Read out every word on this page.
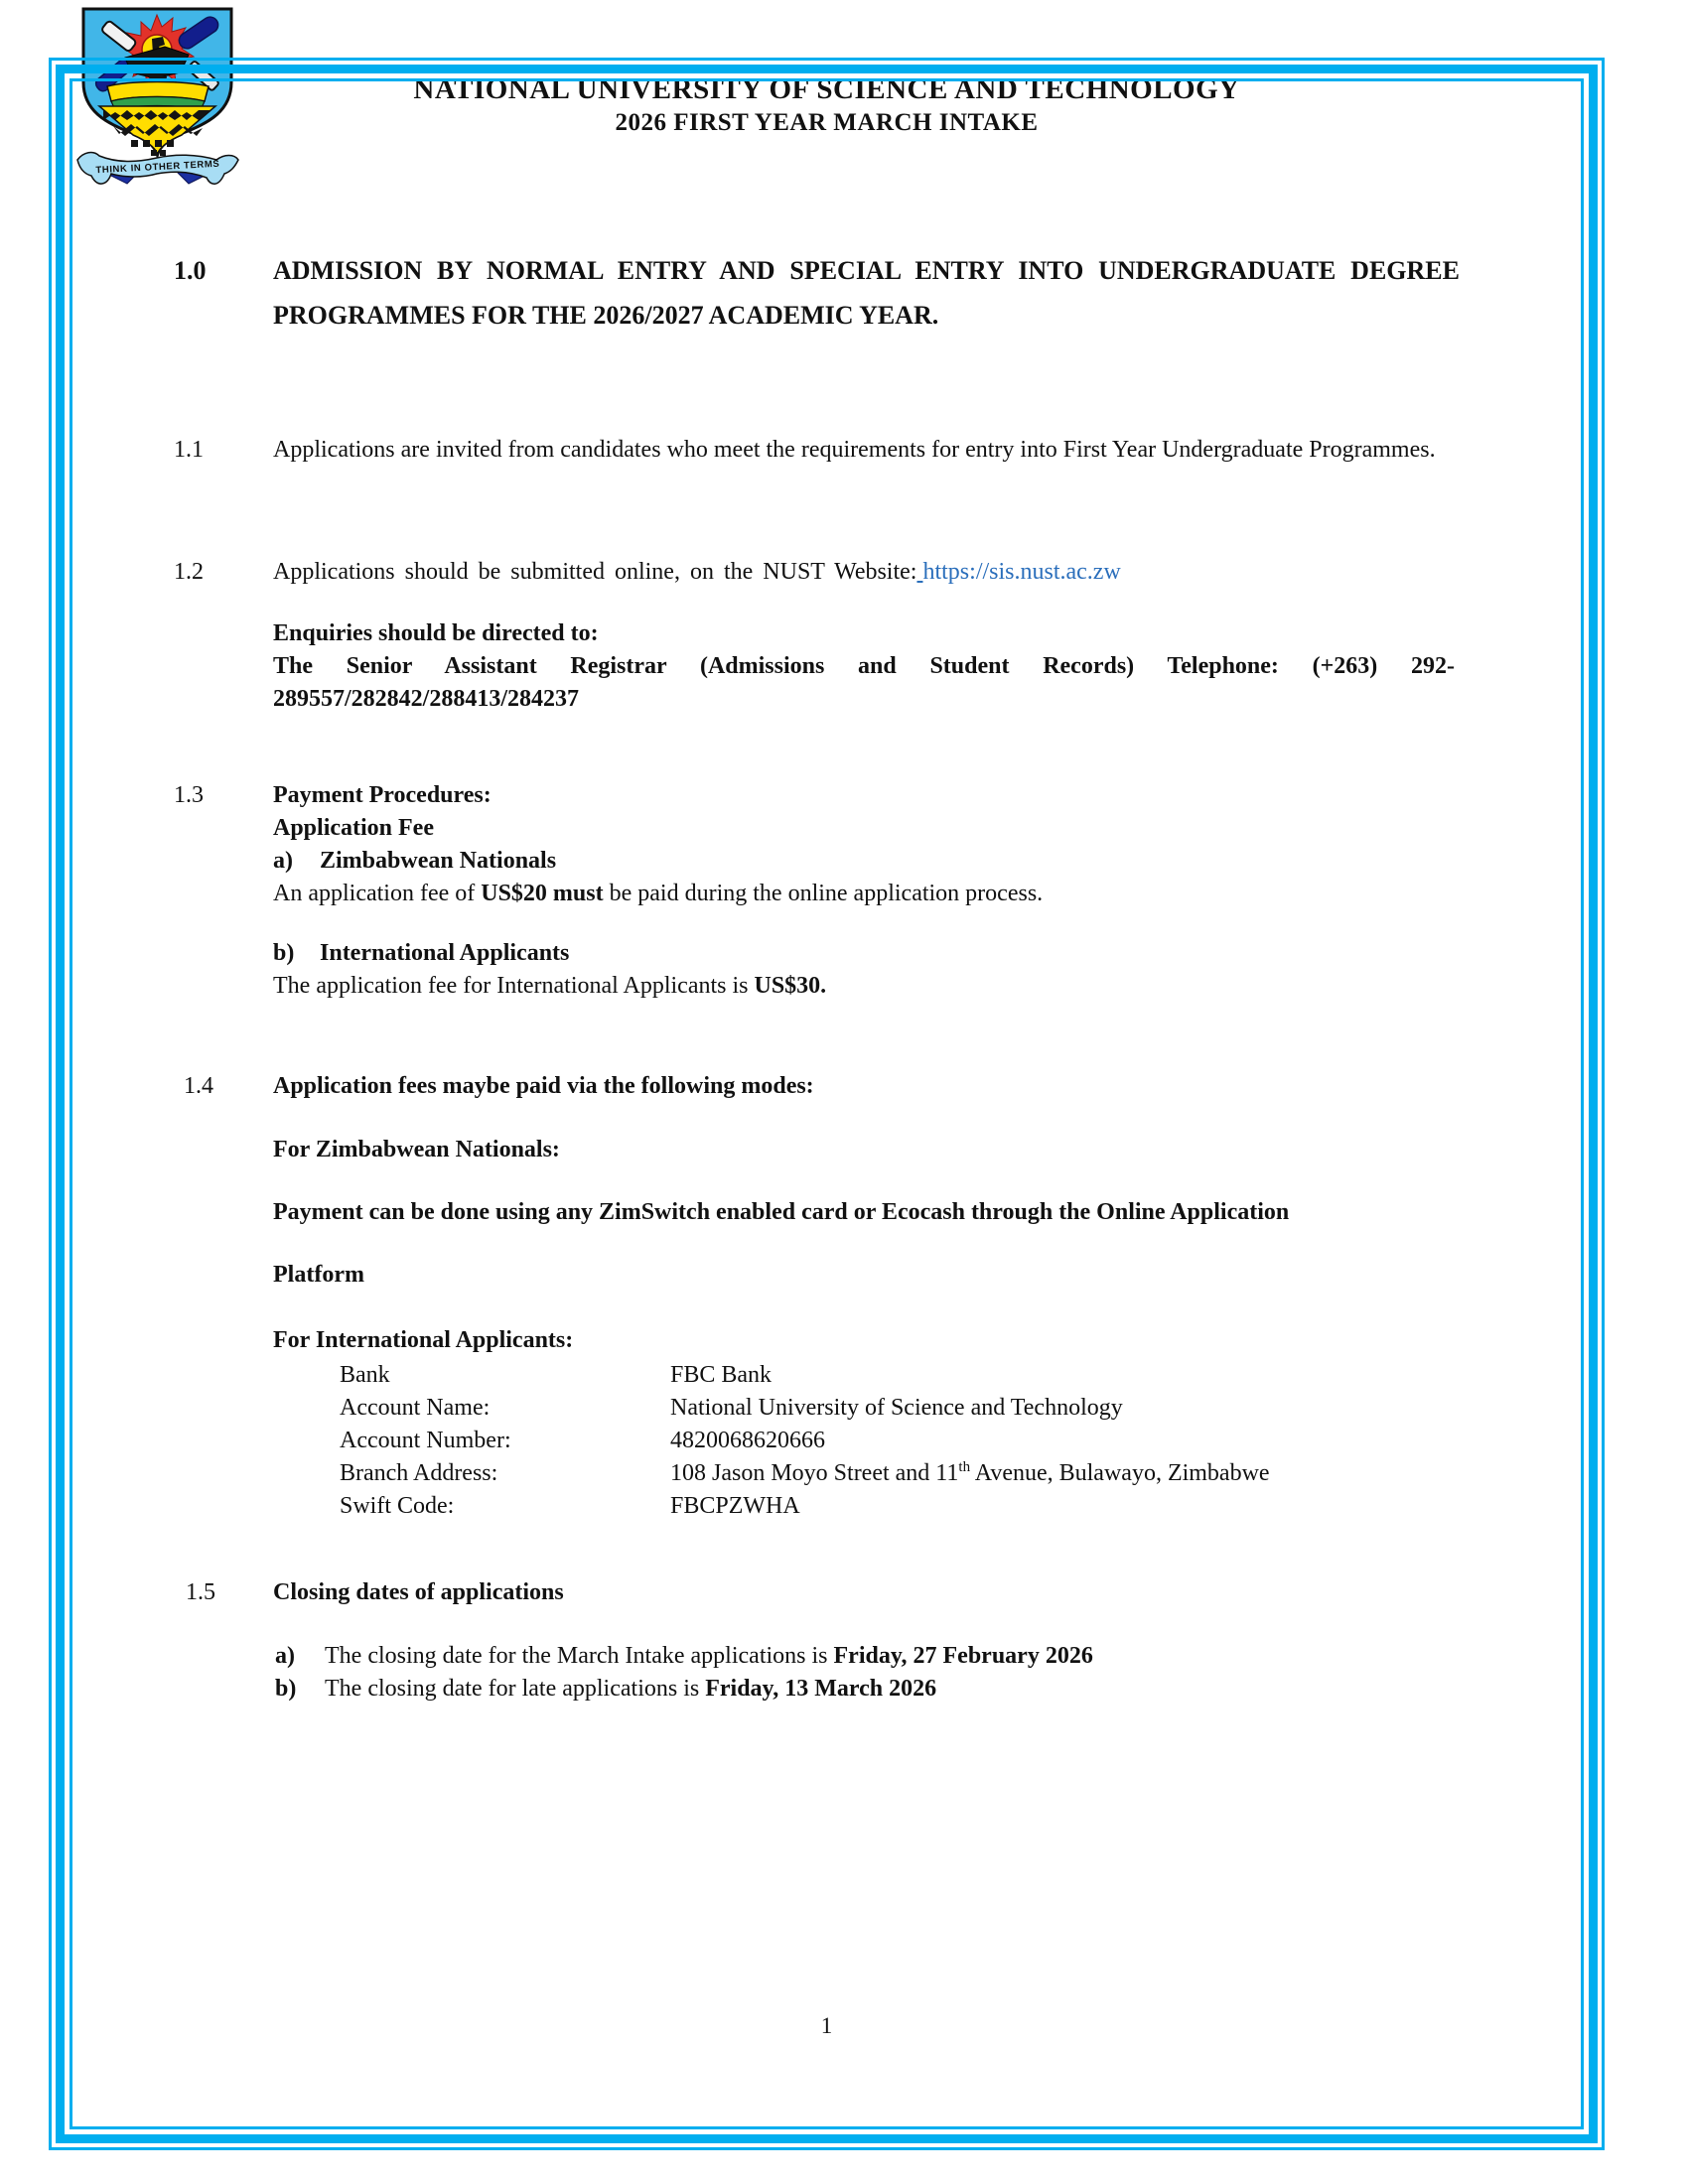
THINK IN OTHER TERMS
NATIONAL UNIVERSITY OF SCIENCE AND TECHNOLOGY
2026 FIRST YEAR MARCH INTAKE
1.0	ADMISSION BY NORMAL ENTRY AND SPECIAL ENTRY INTO UNDERGRADUATE DEGREE PROGRAMMES FOR THE 2026/2027 ACADEMIC YEAR.
1.1	Applications are invited from candidates who meet the requirements for entry into First Year Undergraduate Programmes.
1.2	Applications should be submitted online, on the NUST Website: https://sis.nust.ac.zw
Enquiries should be directed to:
The Senior Assistant Registrar (Admissions and Student Records) Telephone: (+263) 292-
289557/282842/288413/284237
1.3	Payment Procedures:
Application Fee
a)	Zimbabwean Nationals
An application fee of US$20 must be paid during the online application process.
b)	International Applicants
The application fee for International Applicants is US$30.
1.4	Application fees maybe paid via the following modes:
For Zimbabwean Nationals:
Payment can be done using any ZimSwitch enabled card or Ecocash through the Online Application
Platform
For International Applicants:
Bank	FBC Bank
Account Name:	National University of Science and Technology
Account Number:	4820068620666
Branch Address:	108 Jason Moyo Street and 11th Avenue, Bulawayo, Zimbabwe
Swift Code:	FBCPZWHA
1.5	Closing dates of applications
a)	The closing date for the March Intake applications is Friday, 27 February 2026
b)	The closing date for late applications is Friday, 13 March 2026
1
